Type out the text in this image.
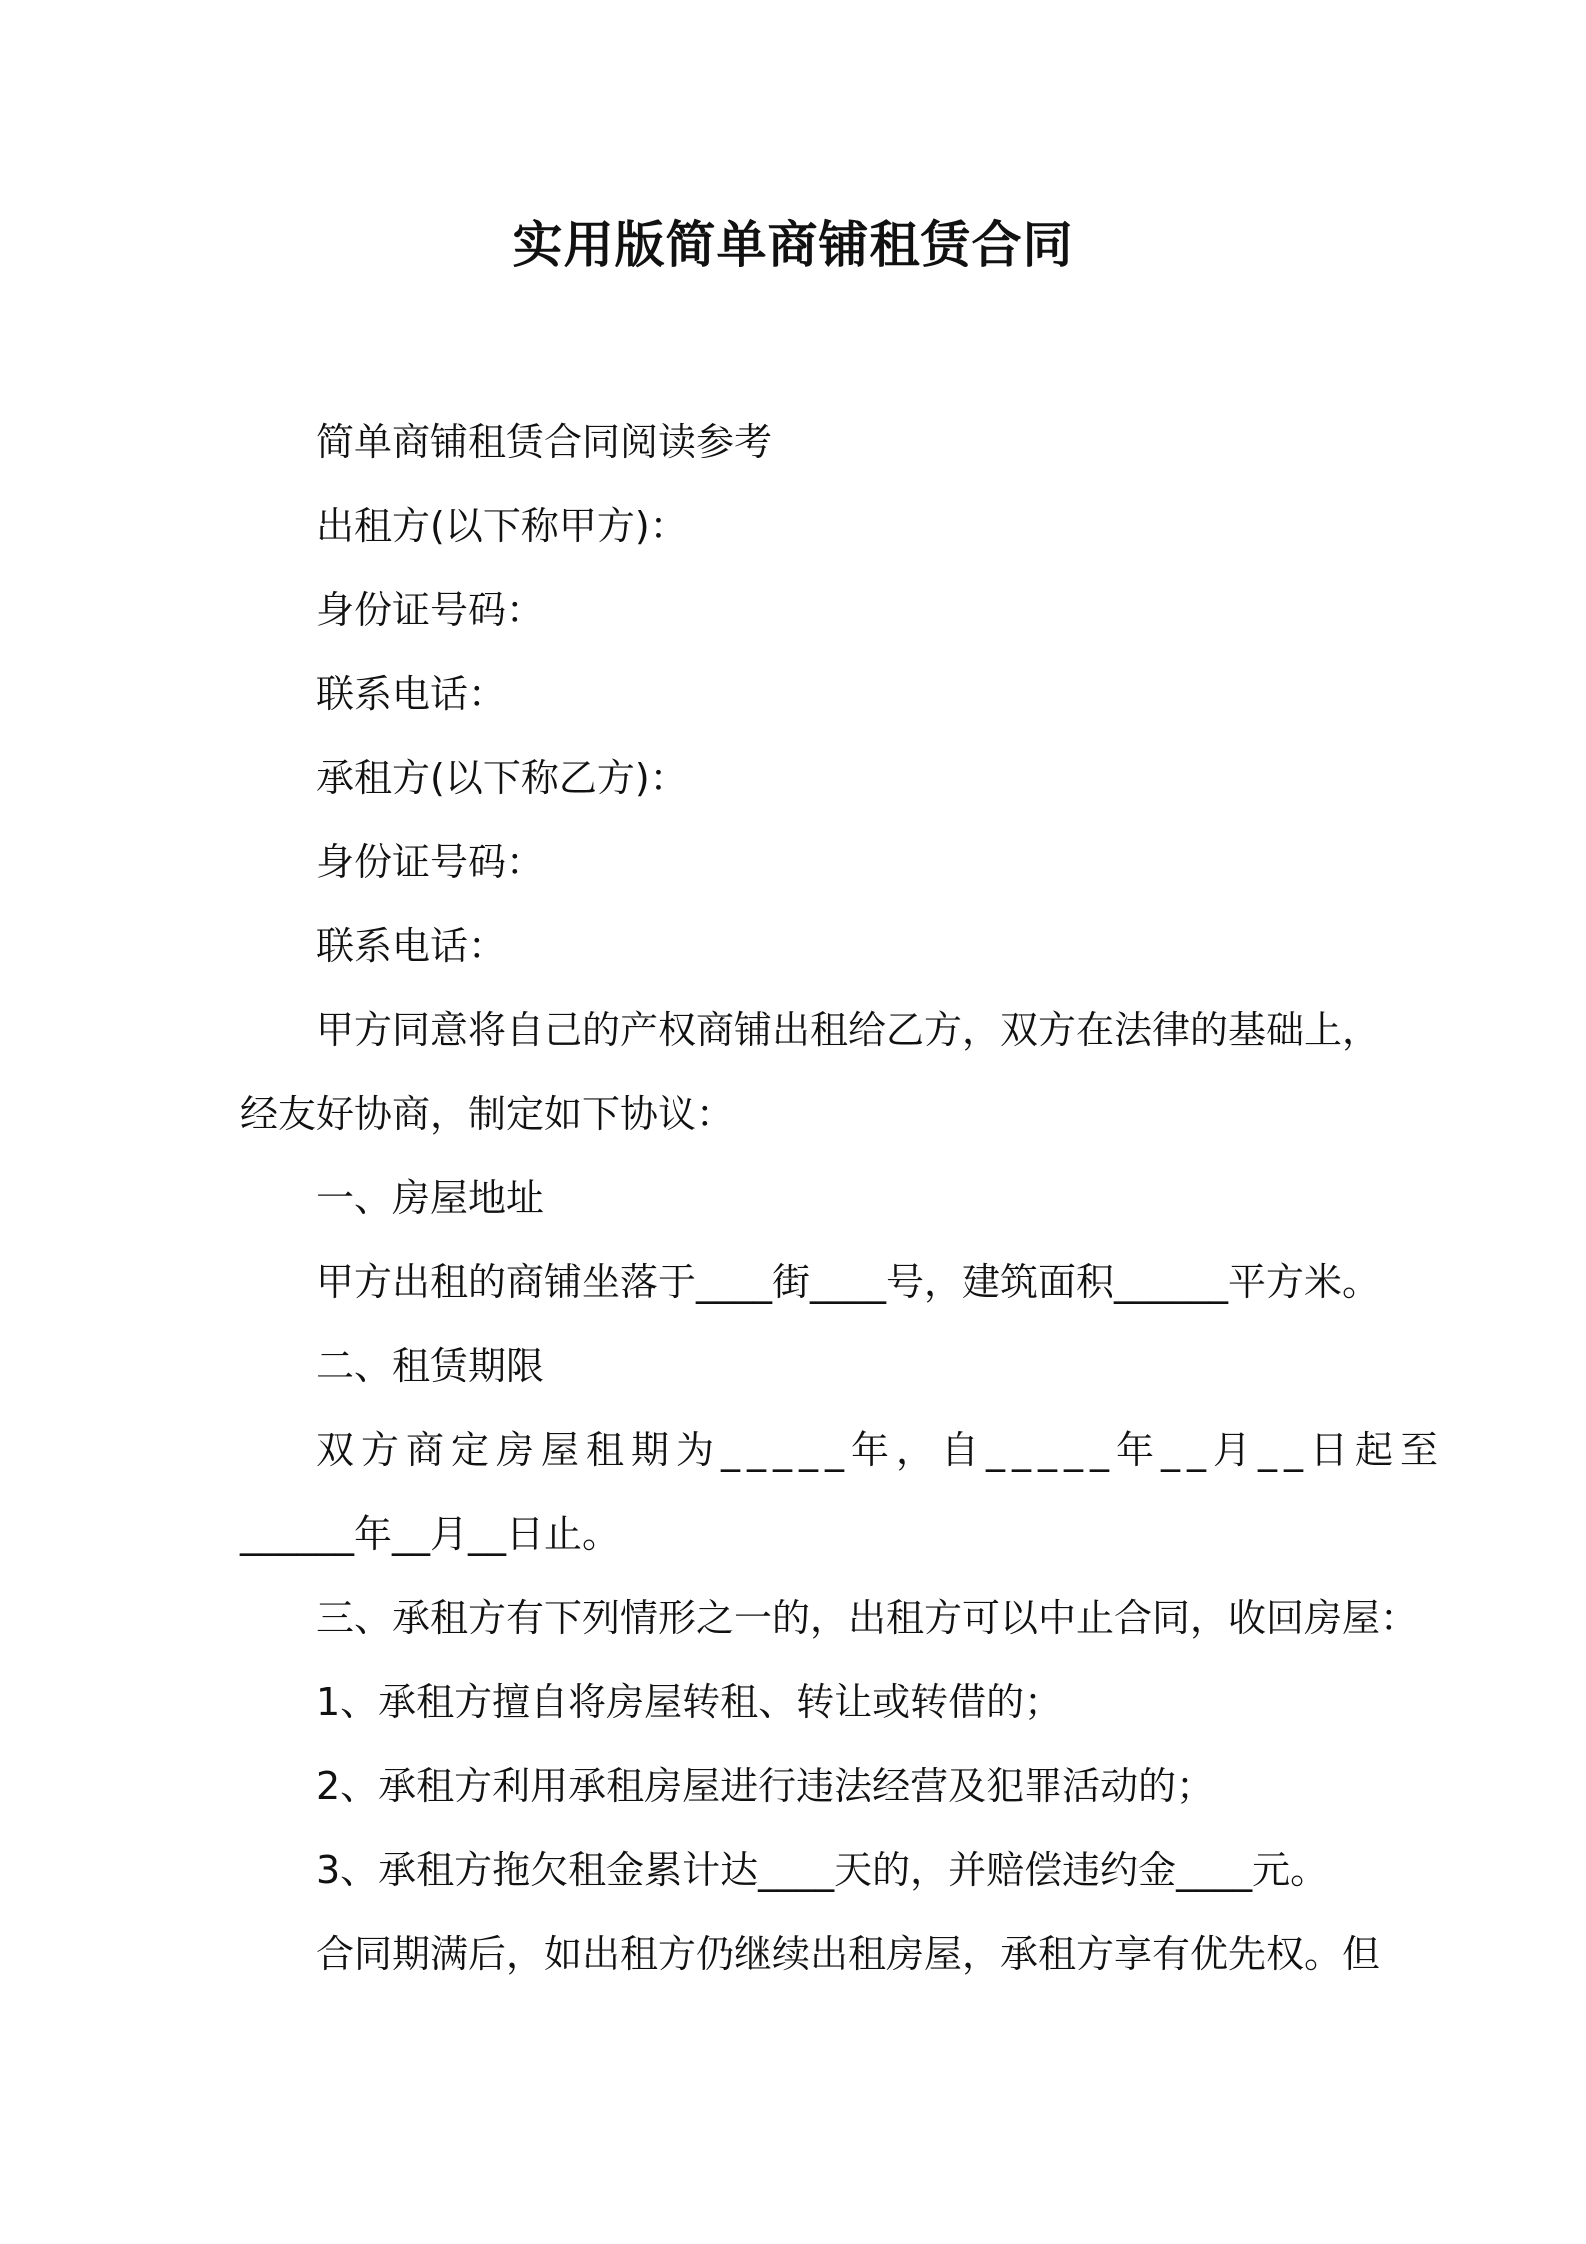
实用版简单商铺租赁合同
简单商铺租赁合同阅读参考
出租方(以下称甲方)：
身份证号码：
联系电话：
承租方(以下称乙方)：
身份证号码：
联系电话：
甲方同意将自己的产权商铺出租给乙方，双方在法律的基础上，
经友好协商，制定如下协议：
一、房屋地址
甲方出租的商铺坐落于____街____号，建筑面积______平方米。
二、租赁期限
双方商定房屋租期为_____年，自_____年__月__日起至
______年__月__日止。
三、承租方有下列情形之一的，出租方可以中止合同，收回房屋：
1、承租方擅自将房屋转租、转让或转借的；
2、承租方利用承租房屋进行违法经营及犯罪活动的；
3、承租方拖欠租金累计达____天的，并赔偿违约金____元。
合同期满后，如出租方仍继续出租房屋，承租方享有优先权。但
